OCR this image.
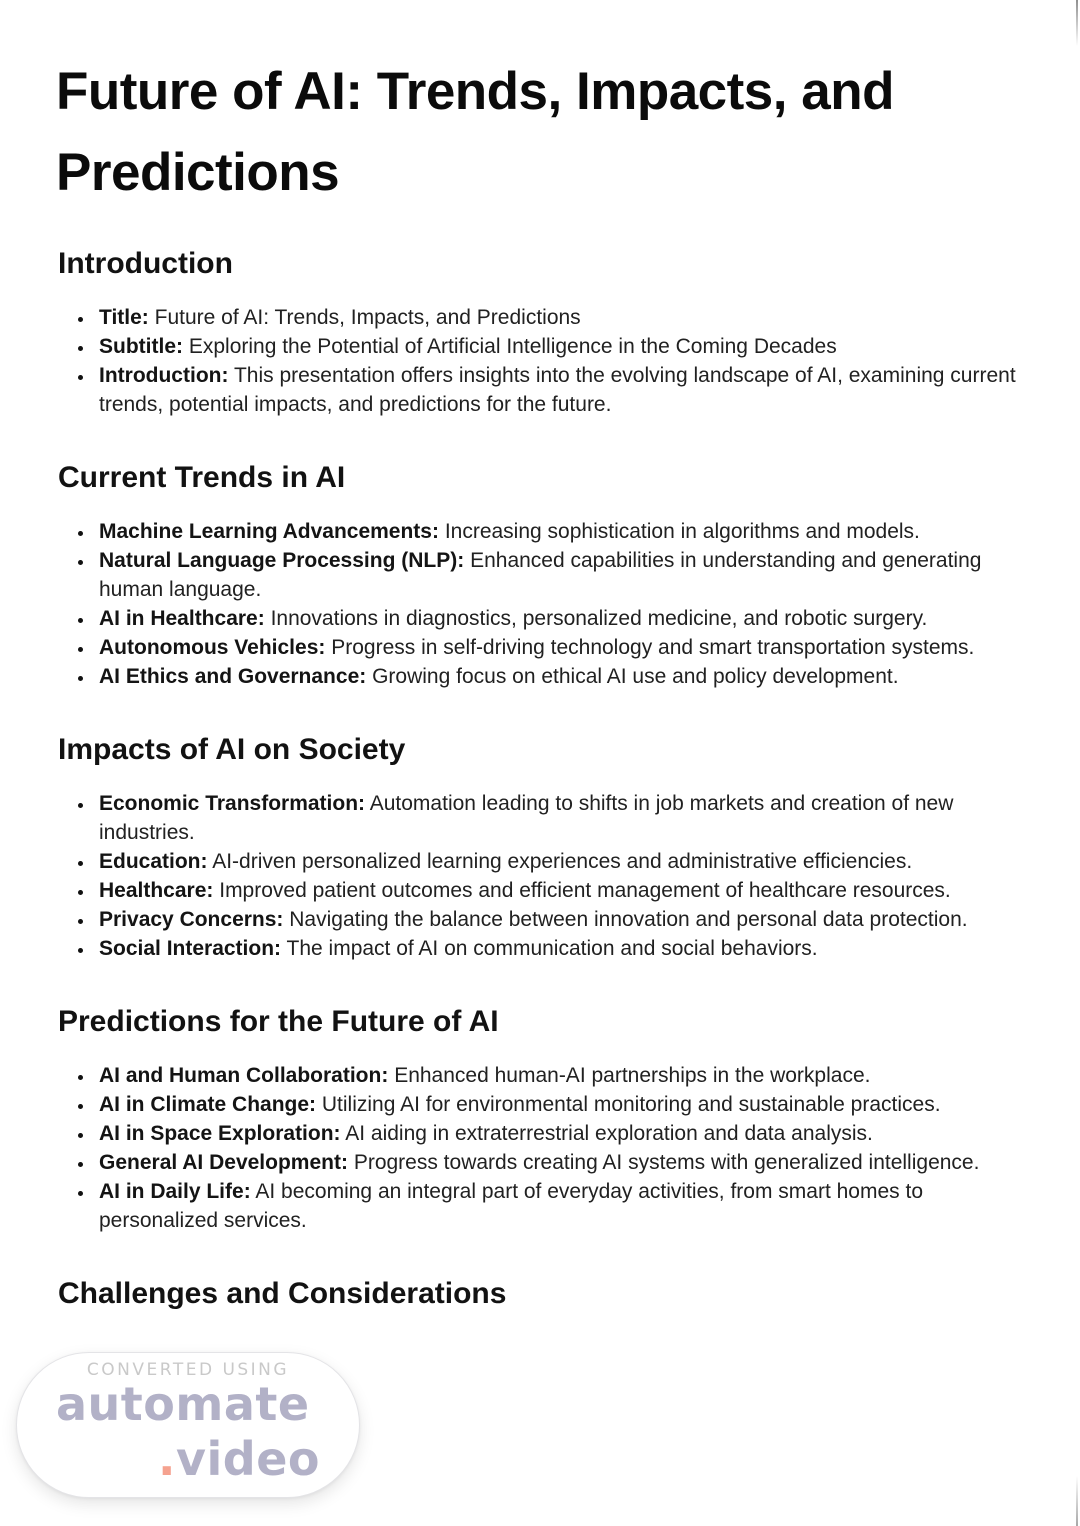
CONVERTED USING
automate
.video
Future of AI: Trends, Impacts, and Predictions
Introduction
• Title: Future of AI: Trends, Impacts, and Predictions
• Subtitle: Exploring the Potential of Artificial Intelligence in the Coming Decades
• Introduction: This presentation offers insights into the evolving landscape of AI, examining current trends, potential impacts, and predictions for the future.
Current Trends in AI
• Machine Learning Advancements: Increasing sophistication in algorithms and models.
• Natural Language Processing (NLP): Enhanced capabilities in understanding and generating human language.
• AI in Healthcare: Innovations in diagnostics, personalized medicine, and robotic surgery.
• Autonomous Vehicles: Progress in self-driving technology and smart transportation systems.
• AI Ethics and Governance: Growing focus on ethical AI use and policy development.
Impacts of AI on Society
• Economic Transformation: Automation leading to shifts in job markets and creation of new industries.
• Education: AI-driven personalized learning experiences and administrative efficiencies.
• Healthcare: Improved patient outcomes and efficient management of healthcare resources.
• Privacy Concerns: Navigating the balance between innovation and personal data protection.
• Social Interaction: The impact of AI on communication and social behaviors.
Predictions for the Future of AI
• AI and Human Collaboration: Enhanced human-AI partnerships in the workplace.
• AI in Climate Change: Utilizing AI for environmental monitoring and sustainable practices.
• AI in Space Exploration: AI aiding in extraterrestrial exploration and data analysis.
• General AI Development: Progress towards creating AI systems with generalized intelligence.
• AI in Daily Life: AI becoming an integral part of everyday activities, from smart homes to personalized services.
Challenges and Considerations
